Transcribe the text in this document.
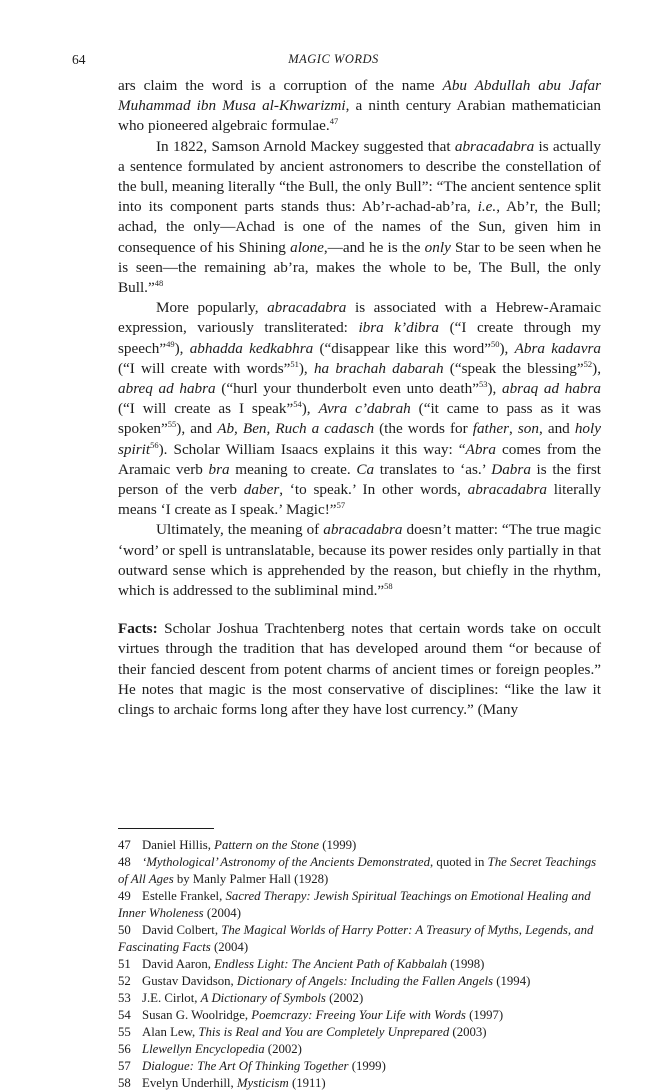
64	MAGIC WORDS

ars claim the word is a corruption of the name Abu Abdullah abu Jafar Muhammad ibn Musa al-Khwarizmi, a ninth century Arabian mathematician who pioneered algebraic formulae.$^{47}$

In 1822, Samson Arnold Mackey suggested that abracadabra is actually a sentence formulated by ancient astronomers to describe the constellation of the bull, meaning literally “the Bull, the only Bull”: “The ancient sentence split into its component parts stands thus: Ab’r-achad-ab’ra, i.e., Ab’r, the Bull; achad, the only—Achad is one of the names of the Sun, given him in consequence of his Shining alone,—and he is the only Star to be seen when he is seen—the remaining ab’ra, makes the whole to be, The Bull, the only Bull.”$^{48}$

More popularly, abracadabra is associated with a Hebrew-Aramaic expression, variously transliterated: ibra k’dibra (“I create through my speech”$^{49}$), abhadda kedkabhra (“disappear like this word”$^{50}$), Abra kadavra (“I will create with words”$^{51}$), ha brachah dabarah (“speak the blessing”$^{52}$), abreq ad habra (“hurl your thunderbolt even unto death”$^{53}$), abraq ad habra (“I will create as I speak”$^{54}$), Avra c’dabrah (“it came to pass as it was spoken”$^{55}$), and Ab, Ben, Ruch a cadasch (the words for father, son, and holy spirit$^{56}$). Scholar William Isaacs explains it this way: “Abra comes from the Aramaic verb bra meaning to create. Ca translates to ‘as.’ Dabra is the first person of the verb daber, ‘to speak.’ In other words, abracadabra literally means ‘I create as I speak.’ Magic!”$^{57}$

Ultimately, the meaning of abracadabra doesn’t matter: “The true magic ‘word’ or spell is untranslatable, because its power resides only partially in that outward sense which is apprehended by the reason, but chiefly in the rhythm, which is addressed to the subliminal mind.”$^{58}$

Facts: Scholar Joshua Trachtenberg notes that certain words take on occult virtues through the tradition that has developed around them “or because of their fancied descent from potent charms of ancient times or foreign peoples.” He notes that magic is the most conservative of disciplines: “like the law it clings to archaic forms long after they have lost currency.” (Many

47 Daniel Hillis, Pattern on the Stone (1999)

48 ‘Mythological’ Astronomy of the Ancients Demonstrated, quoted in The Secret Teachings of All Ages by Manly Palmer Hall (1928)

49 Estelle Frankel, Sacred Therapy: Jewish Spiritual Teachings on Emotional Healing and Inner Wholeness (2004)

50 David Colbert, The Magical Worlds of Harry Potter: A Treasury of Myths, Legends, and Fascinating Facts (2004)

51 David Aaron, Endless Light: The Ancient Path of Kabbalah (1998)

52 Gustav Davidson, Dictionary of Angels: Including the Fallen Angels (1994)

53 J.E. Cirlot, A Dictionary of Symbols (2002)

54 Susan G. Woolridge, Poemcrazy: Freeing Your Life with Words (1997)

55 Alan Lew, This is Real and You are Completely Unprepared (2003)

56 Llewellyn Encyclopedia (2002)

57 Dialogue: The Art Of Thinking Together (1999)

58 Evelyn Underhill, Mysticism (1911)
